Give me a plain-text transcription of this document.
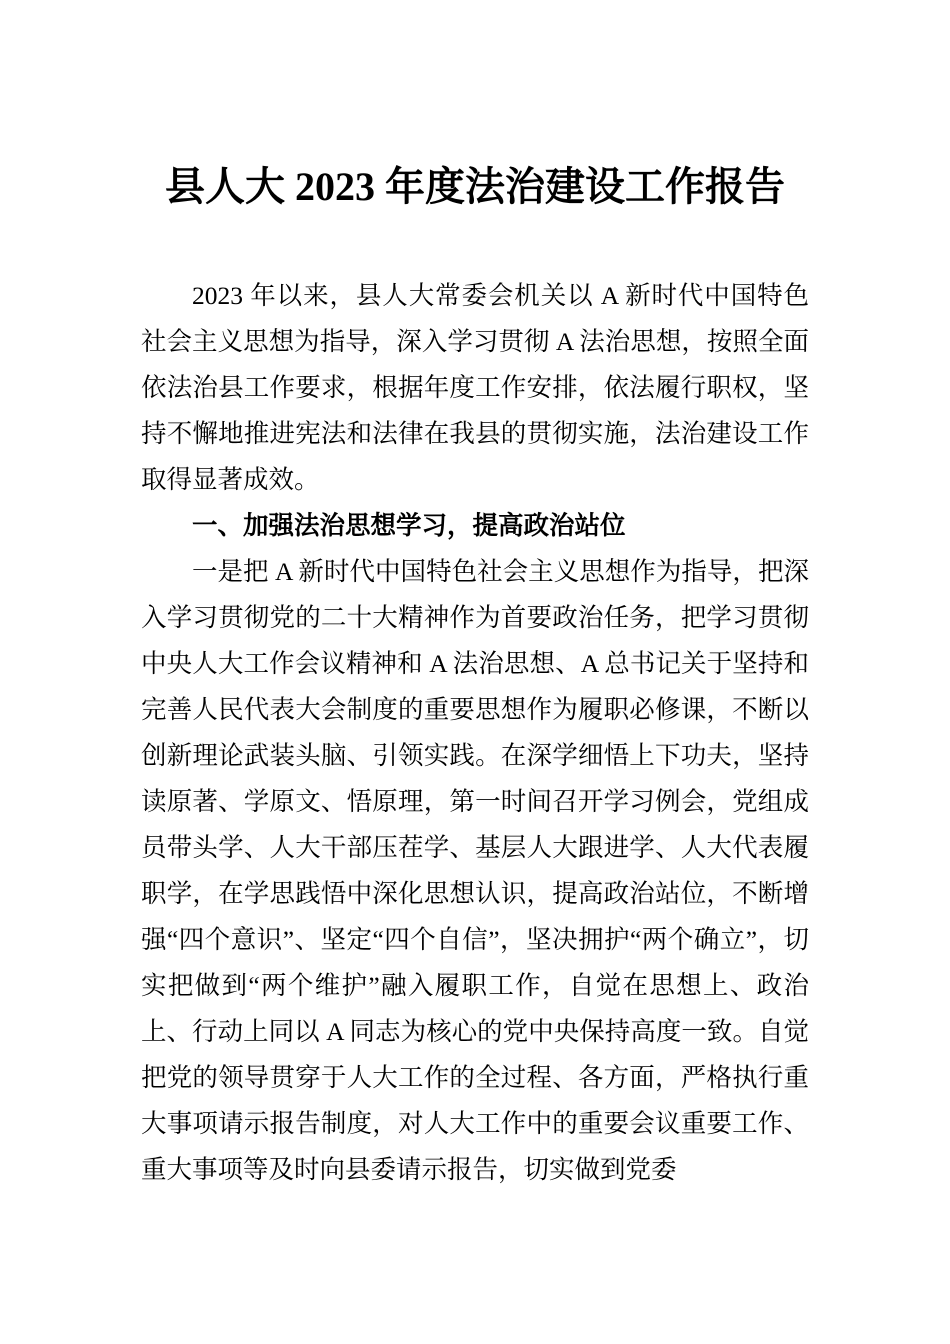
县人大 2023 年度法治建设工作报告

2023 年以来，县人大常委会机关以 A 新时代中国特色社会主义思想为指导，深入学习贯彻 A 法治思想，按照全面依法治县工作要求，根据年度工作安排，依法履行职权，坚持不懈地推进宪法和法律在我县的贯彻实施，法治建设工作取得显著成效。

一、加强法治思想学习，提高政治站位

一是把 A 新时代中国特色社会主义思想作为指导，把深入学习贯彻党的二十大精神作为首要政治任务，把学习贯彻中央人大工作会议精神和 A 法治思想、A 总书记关于坚持和完善人民代表大会制度的重要思想作为履职必修课，不断以创新理论武装头脑、引领实践。在深学细悟上下功夫，坚持读原著、学原文、悟原理，第一时间召开学习例会，党组成员带头学、人大干部压茬学、基层人大跟进学、人大代表履职学，在学思践悟中深化思想认识，提高政治站位，不断增强“四个意识”、坚定“四个自信”，坚决拥护“两个确立”，切实把做到“两个维护”融入履职工作，自觉在思想上、政治上、行动上同以 A 同志为核心的党中央保持高度一致。自觉把党的领导贯穿于人大工作的全过程、各方面，严格执行重大事项请示报告制度，对人大工作中的重要会议重要工作、重大事项等及时向县委请示报告，切实做到党委
